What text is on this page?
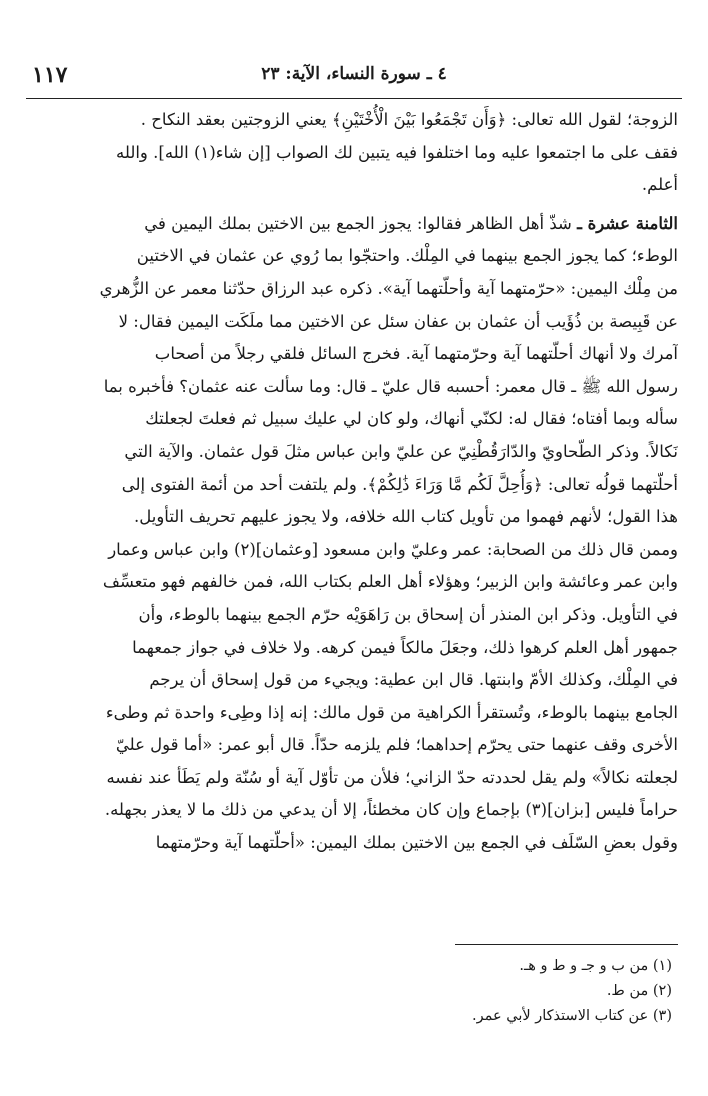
١١٧	٤ ـ سورة النساء، الآية: ٢٣

الزوجة؛ لقول الله تعالى: ﴿وَأَن تَجْمَعُوا بَيْنَ الْأُخْتَيْنِ﴾ يعني الزوجتين بعقد النكاح .
فقف على ما اجتمعوا عليه وما اختلفوا فيه يتبين لك الصواب [إن شاء(١) الله]. والله
أعلم.

الثامنة عشرة ـ شذّ أهل الظاهر فقالوا: يجوز الجمع بين الاختين بملك اليمين في
الوطء؛ كما يجوز الجمع بينهما في المِلْك. واحتجّوا بما رُوي عن عثمان في الاختين
من مِلْك اليمين: «حرّمتهما آية وأحلّتهما آية». ذكره عبد الرزاق حدّثنا معمر عن الزُّهري
عن قَبِيصة بن ذُؤَيب أن عثمان بن عفان سئل عن الاختين مما ملَكَت اليمين فقال: لا
آمرك ولا أنهاك أحلّتهما آية وحرّمتهما آية. فخرج السائل فلقي رجلاً من أصحاب
رسول الله ﷺ ـ قال معمر: أحسبه قال عليّ ـ قال: وما سألت عنه عثمان؟ فأخبره بما
سأله وبما أفتاه؛ فقال له: لكنّي أنهاك، ولو كان لي عليك سبيل ثم فعلتَ لجعلتك
نَكالاً. وذكر الطّحاويّ والدّارَقُطْنِيّ عن عليّ وابن عباس مثلَ قول عثمان. والآية التي
أحلّتهما قولُه تعالى: ﴿وَأُحِلَّ لَكُم مَّا وَرَاءَ ذَٰلِكُمْ﴾. ولم يلتفت أحد من أئمة الفتوى إلى
هذا القول؛ لأنهم فهموا من تأويل كتاب الله خلافه، ولا يجوز عليهم تحريف التأويل.
وممن قال ذلك من الصحابة: عمر وعليّ وابن مسعود [وعثمان](٢) وابن عباس وعمار
وابن عمر وعائشة وابن الزبير؛ وهؤلاء أهل العلم بكتاب الله، فمن خالفهم فهو متعسِّف
في التأويل. وذكر ابن المنذر أن إسحاق بن رَاهَوَيْه حرّم الجمع بينهما بالوطء، وأن
جمهور أهل العلم كرهوا ذلك، وجعَلَ مالكاً فيمن كرهه. ولا خلاف في جواز جمعهما
في المِلْك، وكذلك الأمّ وابنتها. قال ابن عطية: ويجيء من قول إسحاق أن يرجم
الجامع بينهما بالوطء، وتُستقرأ الكراهية من قول مالك: إنه إذا وطِىء واحدة ثم وطىء
الأخرى وقف عنهما حتى يحرّم إحداهما؛ فلم يلزمه حدّاً. قال أبو عمر: «أما قول عليّ
لجعلته نكالاً» ولم يقل لحددته حدّ الزاني؛ فلأن من تأوّل آية أو سُنّة ولم يَطَأ عند نفسه
حراماً فليس [بزان](٣) بإجماع وإن كان مخطئاً، إلا أن يدعي من ذلك ما لا يعذر بجهله.
وقول بعضِ السّلَف في الجمع بين الاختين بملك اليمين: «أحلّتهما آية وحرّمتهما

(١) من ب و جـ و ط و هـ.
(٢) من ط.
(٣) عن كتاب الاستذكار لأبي عمر.
